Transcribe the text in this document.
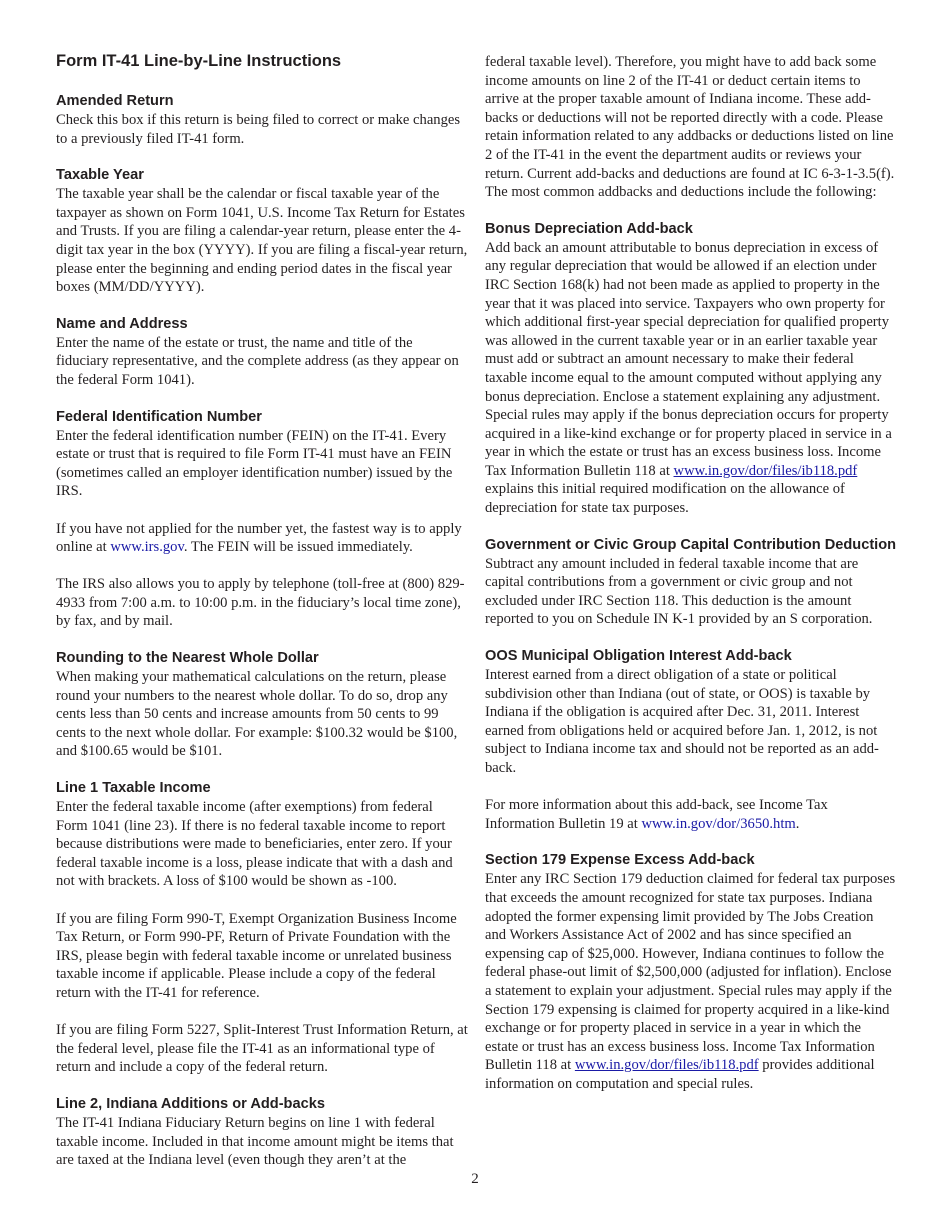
Form IT-41 Line-by-Line Instructions
Amended Return

Check this box if this return is being filed to correct or make changes to a previously filed IT-41 form.

Taxable Year

The taxable year shall be the calendar or fiscal taxable year of the taxpayer as shown on Form 1041, U.S. Income Tax Return for Estates and Trusts. If you are filing a calendar-year return, please enter the 4-digit tax year in the box (YYYY). If you are filing a fiscal-year return, please enter the beginning and ending period dates in the fiscal year boxes (MM/DD/YYYY).

Name and Address

Enter the name of the estate or trust, the name and title of the fiduciary representative, and the complete address (as they appear on the federal Form 1041).

Federal Identification Number

Enter the federal identification number (FEIN) on the IT-41. Every estate or trust that is required to file Form IT-41 must have an FEIN (sometimes called an employer identification number) issued by the IRS.

If you have not applied for the number yet, the fastest way is to apply online at www.irs.gov. The FEIN will be issued immediately.

The IRS also allows you to apply by telephone (toll-free at (800) 829-4933 from 7:00 a.m. to 10:00 p.m. in the fiduciary’s local time zone), by fax, and by mail.

Rounding to the Nearest Whole Dollar

When making your mathematical calculations on the return, please round your numbers to the nearest whole dollar. To do so, drop any cents less than 50 cents and increase amounts from 50 cents to 99 cents to the next whole dollar. For example: $100.32 would be $100, and $100.65 would be $101.

Line 1 Taxable Income

Enter the federal taxable income (after exemptions) from federal Form 1041 (line 23). If there is no federal taxable income to report because distributions were made to beneficiaries, enter zero. If your federal taxable income is a loss, please indicate that with a dash and not with brackets. A loss of $100 would be shown as -100.

If you are filing Form 990-T, Exempt Organization Business Income Tax Return, or Form 990-PF, Return of Private Foundation with the IRS, please begin with federal taxable income or unrelated business taxable income if applicable. Please include a copy of the federal return with the IT-41 for reference.

If you are filing Form 5227, Split-Interest Trust Information Return, at the federal level, please file the IT-41 as an informational type of return and include a copy of the federal return.

Line 2, Indiana Additions or Add-backs

The IT-41 Indiana Fiduciary Return begins on line 1 with federal taxable income. Included in that income amount might be items that are taxed at the Indiana level (even though they aren’t at the

federal taxable level). Therefore, you might have to add back some income amounts on line 2 of the IT-41 or deduct certain items to arrive at the proper taxable amount of Indiana income. These add-backs or deductions will not be reported directly with a code. Please retain information related to any addbacks or deductions listed on line 2 of the IT-41 in the event the department audits or reviews your return. Current add-backs and deductions are found at IC 6-3-1-3.5(f). The most common addbacks and deductions include the following:

Bonus Depreciation Add-back

Add back an amount attributable to bonus depreciation in excess of any regular depreciation that would be allowed if an election under IRC Section 168(k) had not been made as applied to property in the year that it was placed into service. Taxpayers who own property for which additional first-year special depreciation for qualified property was allowed in the current taxable year or in an earlier taxable year must add or subtract an amount necessary to make their federal taxable income equal to the amount computed without applying any bonus depreciation. Enclose a statement explaining any adjustment. Special rules may apply if the bonus depreciation occurs for property acquired in a like-kind exchange or for property placed in service in a year in which the estate or trust has an excess business loss. Income Tax Information Bulletin 118 at www.in.gov/dor/files/ib118.pdf explains this initial required modification on the allowance of depreciation for state tax purposes.

Government or Civic Group Capital Contribution Deduction

Subtract any amount included in federal taxable income that are capital contributions from a government or civic group and not excluded under IRC Section 118. This deduction is the amount reported to you on Schedule IN K-1 provided by an S corporation.

OOS Municipal Obligation Interest Add-back

Interest earned from a direct obligation of a state or political subdivision other than Indiana (out of state, or OOS) is taxable by Indiana if the obligation is acquired after Dec. 31, 2011. Interest earned from obligations held or acquired before Jan. 1, 2012, is not subject to Indiana income tax and should not be reported as an add-back.

For more information about this add-back, see Income Tax Information Bulletin 19 at www.in.gov/dor/3650.htm.

Section 179 Expense Excess Add-back

Enter any IRC Section 179 deduction claimed for federal tax purposes that exceeds the amount recognized for state tax purposes. Indiana adopted the former expensing limit provided by The Jobs Creation and Workers Assistance Act of 2002 and has since specified an expensing cap of $25,000. However, Indiana continues to follow the federal phase-out limit of $2,500,000 (adjusted for inflation). Enclose a statement to explain your adjustment. Special rules may apply if the Section 179 expensing is claimed for property acquired in a like-kind exchange or for property placed in service in a year in which the estate or trust has an excess business loss. Income Tax Information Bulletin 118 at www.in.gov/dor/files/ib118.pdf provides additional information on computation and special rules.

2
